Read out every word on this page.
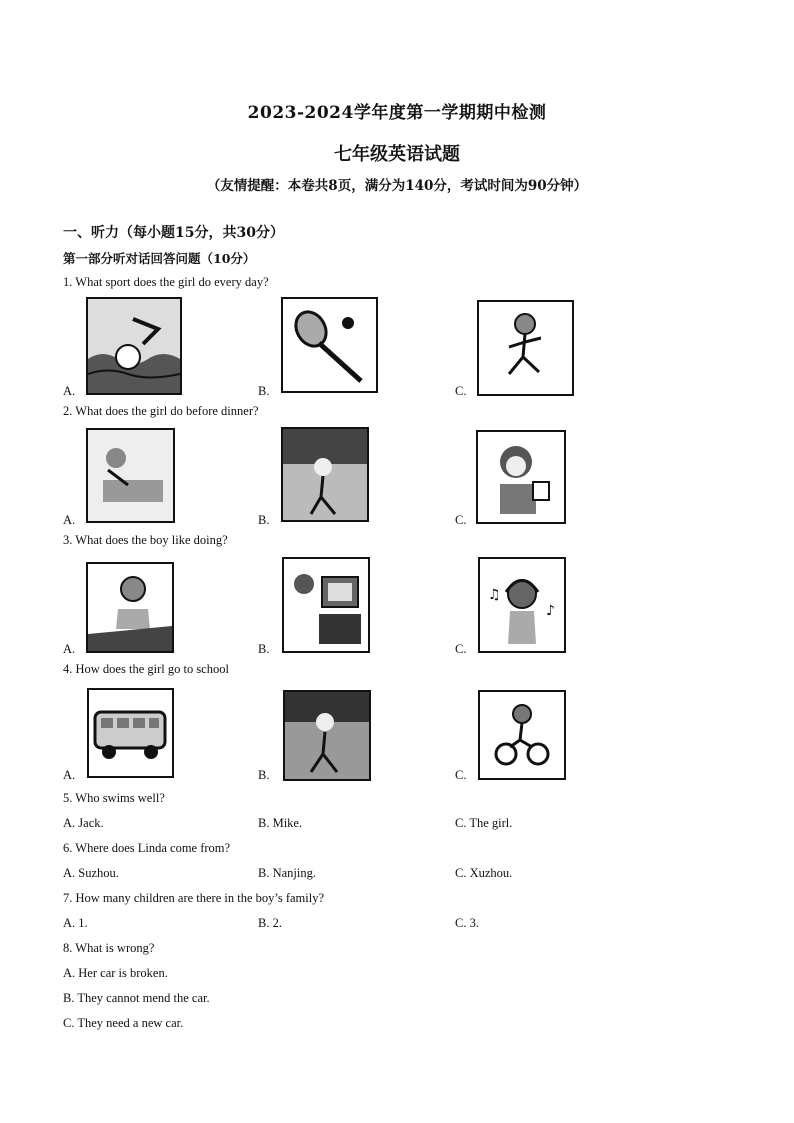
2023-2024学年度第一学期期中检测
七年级英语试题
（友情提醒：本卷共8页，满分为140分，考试时间为90分钟）
一、听力（每小题15分，共30分）
第一部分听对话回答问题（10分）
1. What sport does the girl do every day?
A.	B.	C.
2. What does the girl do before dinner?
A.	B.	C.
3. What does the boy like doing?
A.	B.
♪
♫
C.
4. How does the girl go to school
A.	B.	C.
5. Who swims well?
A. Jack.	B. Mike.	C. The girl.
6. Where does Linda come from?
A. Suzhou.	B. Nanjing.	C. Xuzhou.
7. How many children are there in the boy’s family?
A. 1.	B. 2.	C. 3.
8. What is wrong?
A. Her car is broken.
B. They cannot mend the car.
C. They need a new car.
